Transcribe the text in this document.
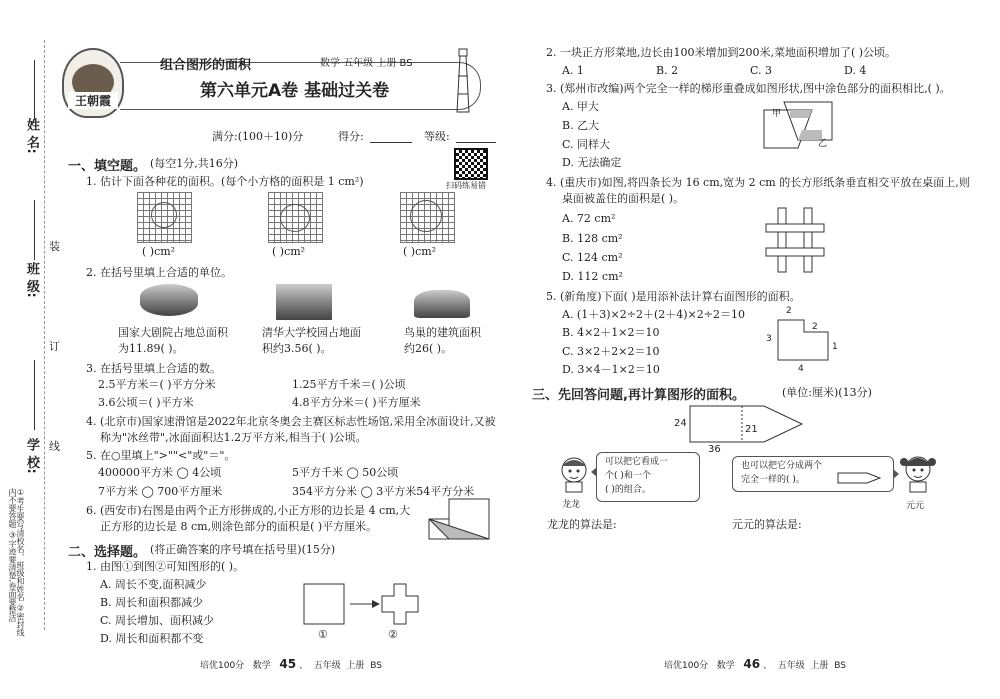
姓 名:
班 级:
学 校:
装
订
线
①考生要写清校名、班级和姓名 ②密封线内不要答题 ③字迹要清楚,卷面要整洁
王朝霞
组合图形的面积	数学 五年级 上册 BS
第六单元A卷 基础过关卷
满分:(100＋10)分	得分:	等级:
扫码练易错
一、填空题。 (每空1分,共16分)
1. 估计下面各种花的面积。(每个小方格的面积是 1 cm²)
( )cm²	( )cm²	( )cm²
2. 在括号里填上合适的单位。
国家大剧院占地总面积
为11.89( )。
清华大学校园占地面
积约3.56( )。
鸟巢的建筑面积
约26( )。
3. 在括号里填上合适的数。
2.5平方米＝( )平方分米	1.25平方千米＝( )公顷
3.6公顷＝( )平方米	4.8平方分米＝( )平方厘米
4. (北京市)国家速滑馆是2022年北京冬奥会主赛区标志性场馆,采用全冰面设计,又被
称为"冰丝带",冰面面积达1.2万平方米,相当于( )公顷。
5. 在○里填上">""<"或"＝"。
400000平方米 ◯ 4公顷	5平方千米 ◯ 50公顷
7平方米 ◯ 700平方厘米	354平方分米 ◯ 3平方米54平方分米
6. (西安市)右图是由两个正方形拼成的,小正方形的边长是 4 cm,大
正方形的边长是 8 cm,则涂色部分的面积是( )平方厘米。
二、选择题。 (将正确答案的序号填在括号里)(15分)
1. 由图①到图②可知图形的( )。
A. 周长不变,面积减少
B. 周长和面积都减少
C. 周长增加、面积减少
D. 周长和面积都不变	①	②
培优100分 数学 45 、  五年级 上册 BS
2. 一块正方形菜地,边长由100米增加到200米,菜地面积增加了( )公顷。
A. 1	B. 2	C. 3	D. 4
3. (郑州市改编)两个完全一样的梯形重叠成如图形状,图中涂色部分的面积相比,( )。
A. 甲大
B. 乙大
C. 同样大
D. 无法确定
甲
乙
4. (重庆市)如图,将四条长为 16 cm,宽为 2 cm 的长方形纸条垂直相交平放在桌面上,则
桌面被盖住的面积是( )。
A. 72 cm²
B. 128 cm²
C. 124 cm²
D. 112 cm²
5. (新角度)下面( )是用添补法计算右面图形的面积。
A. (1＋3)×2÷2＋(2＋4)×2÷2＝10
B. 4×2＋1×2＝10
C. 3×2＋2×2＝10
D. 3×4－1×2＝10
2
2
1
3
4
三、先回答问题,再计算图形的面积。	(单位:厘米)(13分)
24
21
36
龙龙
可以把它看成一
个( )和一个
( )的组合。
也可以把它分成两个
完全一样的( )。
元元
龙龙的算法是:	元元的算法是:
培优100分 数学 46 、  五年级 上册 BS
